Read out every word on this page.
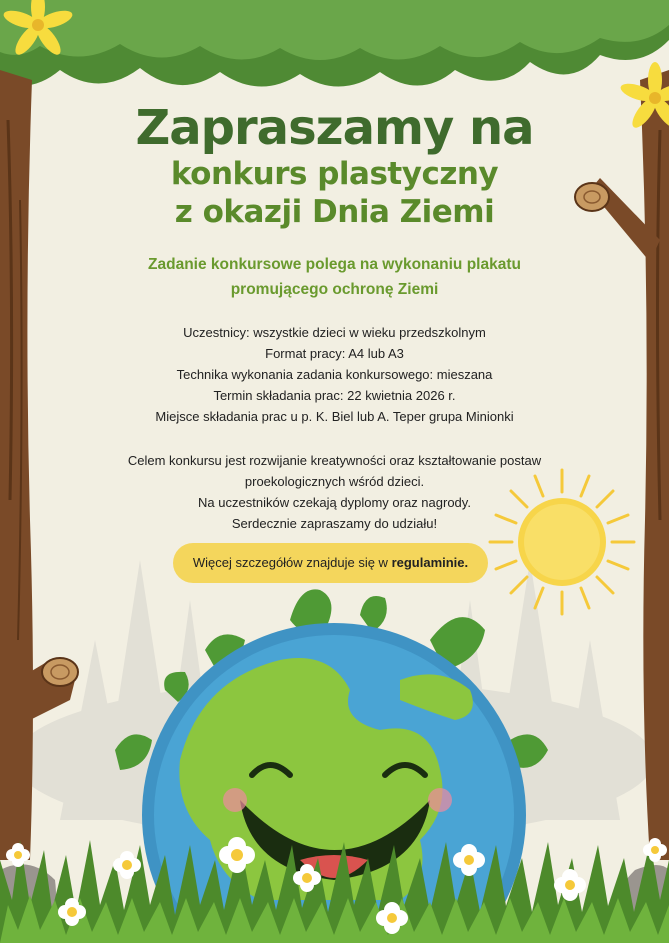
Zapraszamy na
konkurs plastyczny
z okazji Dnia Ziemi
Zadanie konkursowe polega na wykonaniu plakatu
promującego ochronę Ziemi
Uczestnicy: wszystkie dzieci w wieku przedszkolnym
Format pracy: A4 lub A3
Technika wykonania zadania konkursowego: mieszana
Termin składania prac: 22 kwietnia 2026 r.
Miejsce składania prac u p. K. Biel lub A. Teper grupa Minionki
Celem konkursu jest rozwijanie kreatywności oraz kształtowanie postaw
proekologicznych wśród dzieci.
Na uczestników czekają dyplomy oraz nagrody.
Serdecznie zapraszamy do udziału!
Więcej szczegółów znajduje się w regulaminie.
